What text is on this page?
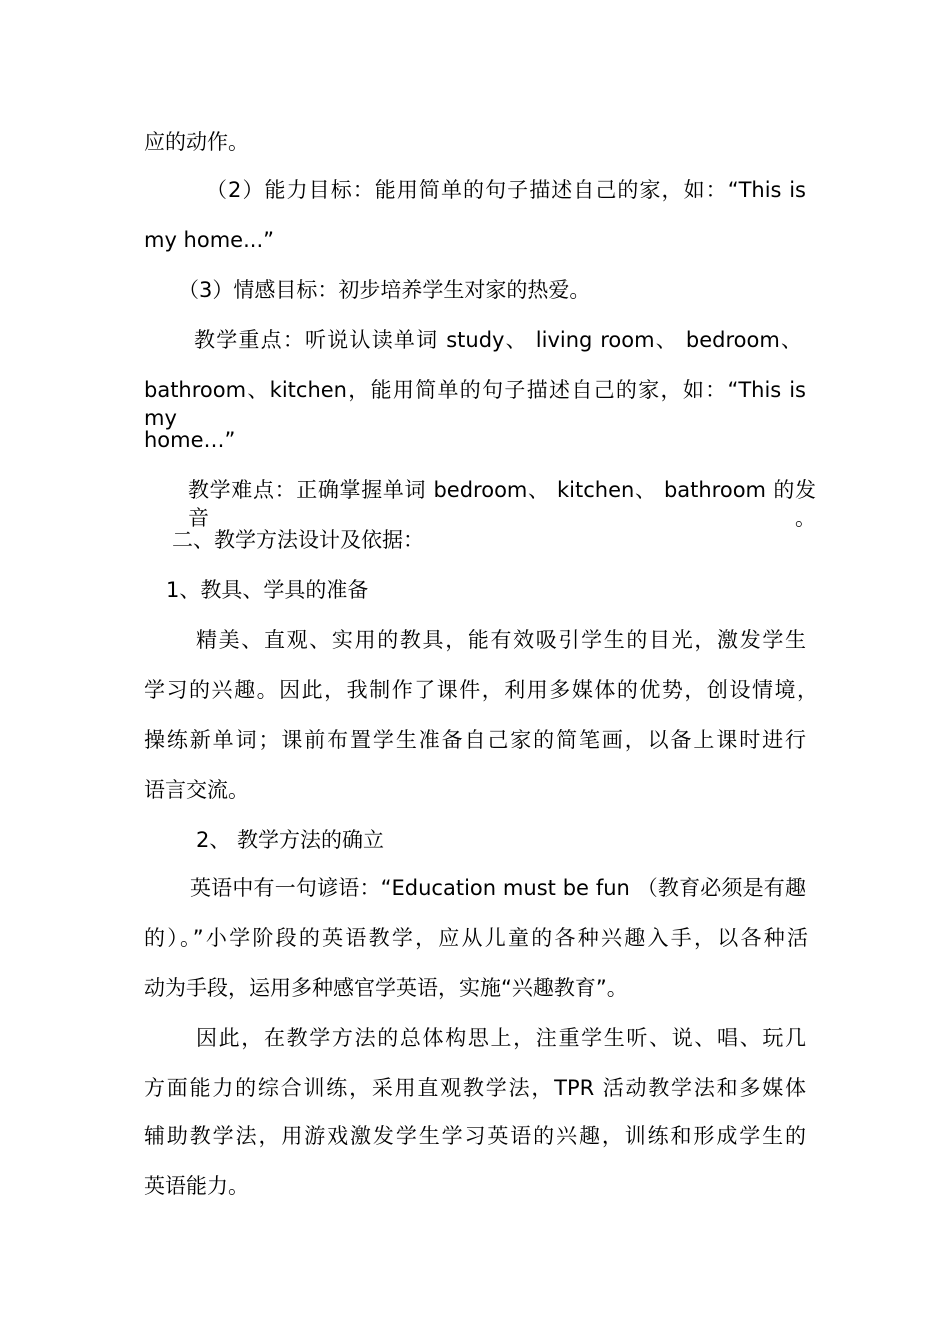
应的动作。
（2）能力目标：能用简单的句子描述自己的家，如：“This is
my home...”
（3）情感目标：初步培养学生对家的热爱。
教学重点：听说认读单词 study、 living room、 bedroom、
bathroom、kitchen，能用简单的句子描述自己的家，如：“This is my
home…”
教学难点：正确掌握单词 bedroom、 kitchen、 bathroom 的发音。
二、教学方法设计及依据：
1、教具、学具的准备
精美、直观、实用的教具，能有效吸引学生的目光，激发学生
学习的兴趣。因此，我制作了课件，利用多媒体的优势，创设情境，
操练新单词；课前布置学生准备自己家的简笔画，以备上课时进行
语言交流。
2、 教学方法的确立
英语中有一句谚语：“Education must be fun （教育必须是有趣
的）。”小学阶段的英语教学，应从儿童的各种兴趣入手，以各种活
动为手段，运用多种感官学英语，实施“兴趣教育”。
因此，在教学方法的总体构思上，注重学生听、说、唱、玩几
方面能力的综合训练，采用直观教学法，TPR 活动教学法和多媒体
辅助教学法，用游戏激发学生学习英语的兴趣，训练和形成学生的
英语能力。
